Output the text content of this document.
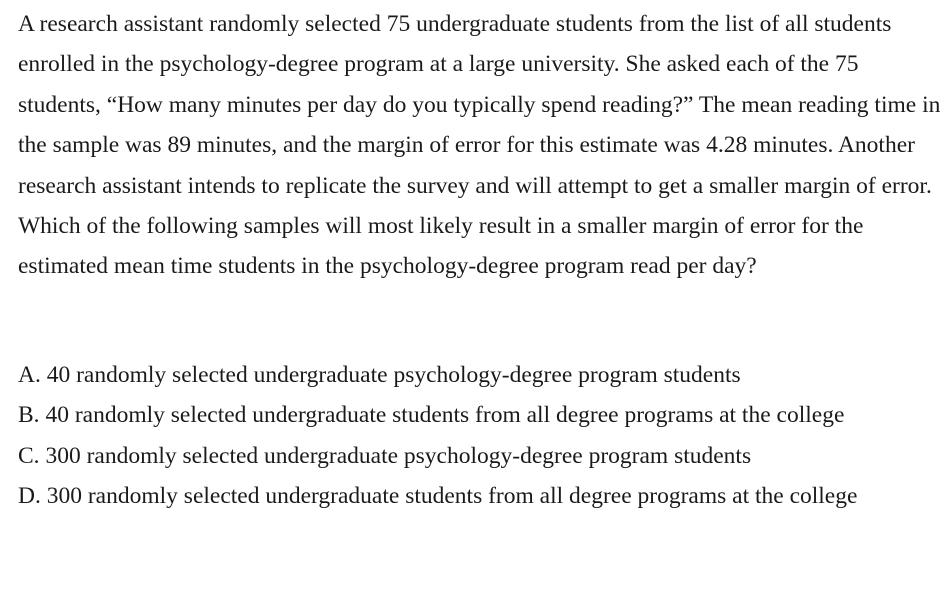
A research assistant randomly selected 75 undergraduate students from the list of all students enrolled in the psychology-degree program at a large university. She asked each of the 75 students, “How many minutes per day do you typically spend reading?” The mean reading time in the sample was 89 minutes, and the margin of error for this estimate was 4.28 minutes. Another research assistant intends to replicate the survey and will attempt to get a smaller margin of error. Which of the following samples will most likely result in a smaller margin of error for the estimated mean time students in the psychology-degree program read per day?

A. 40 randomly selected undergraduate psychology-degree program students
B. 40 randomly selected undergraduate students from all degree programs at the college
C. 300 randomly selected undergraduate psychology-degree program students
D. 300 randomly selected undergraduate students from all degree programs at the college
